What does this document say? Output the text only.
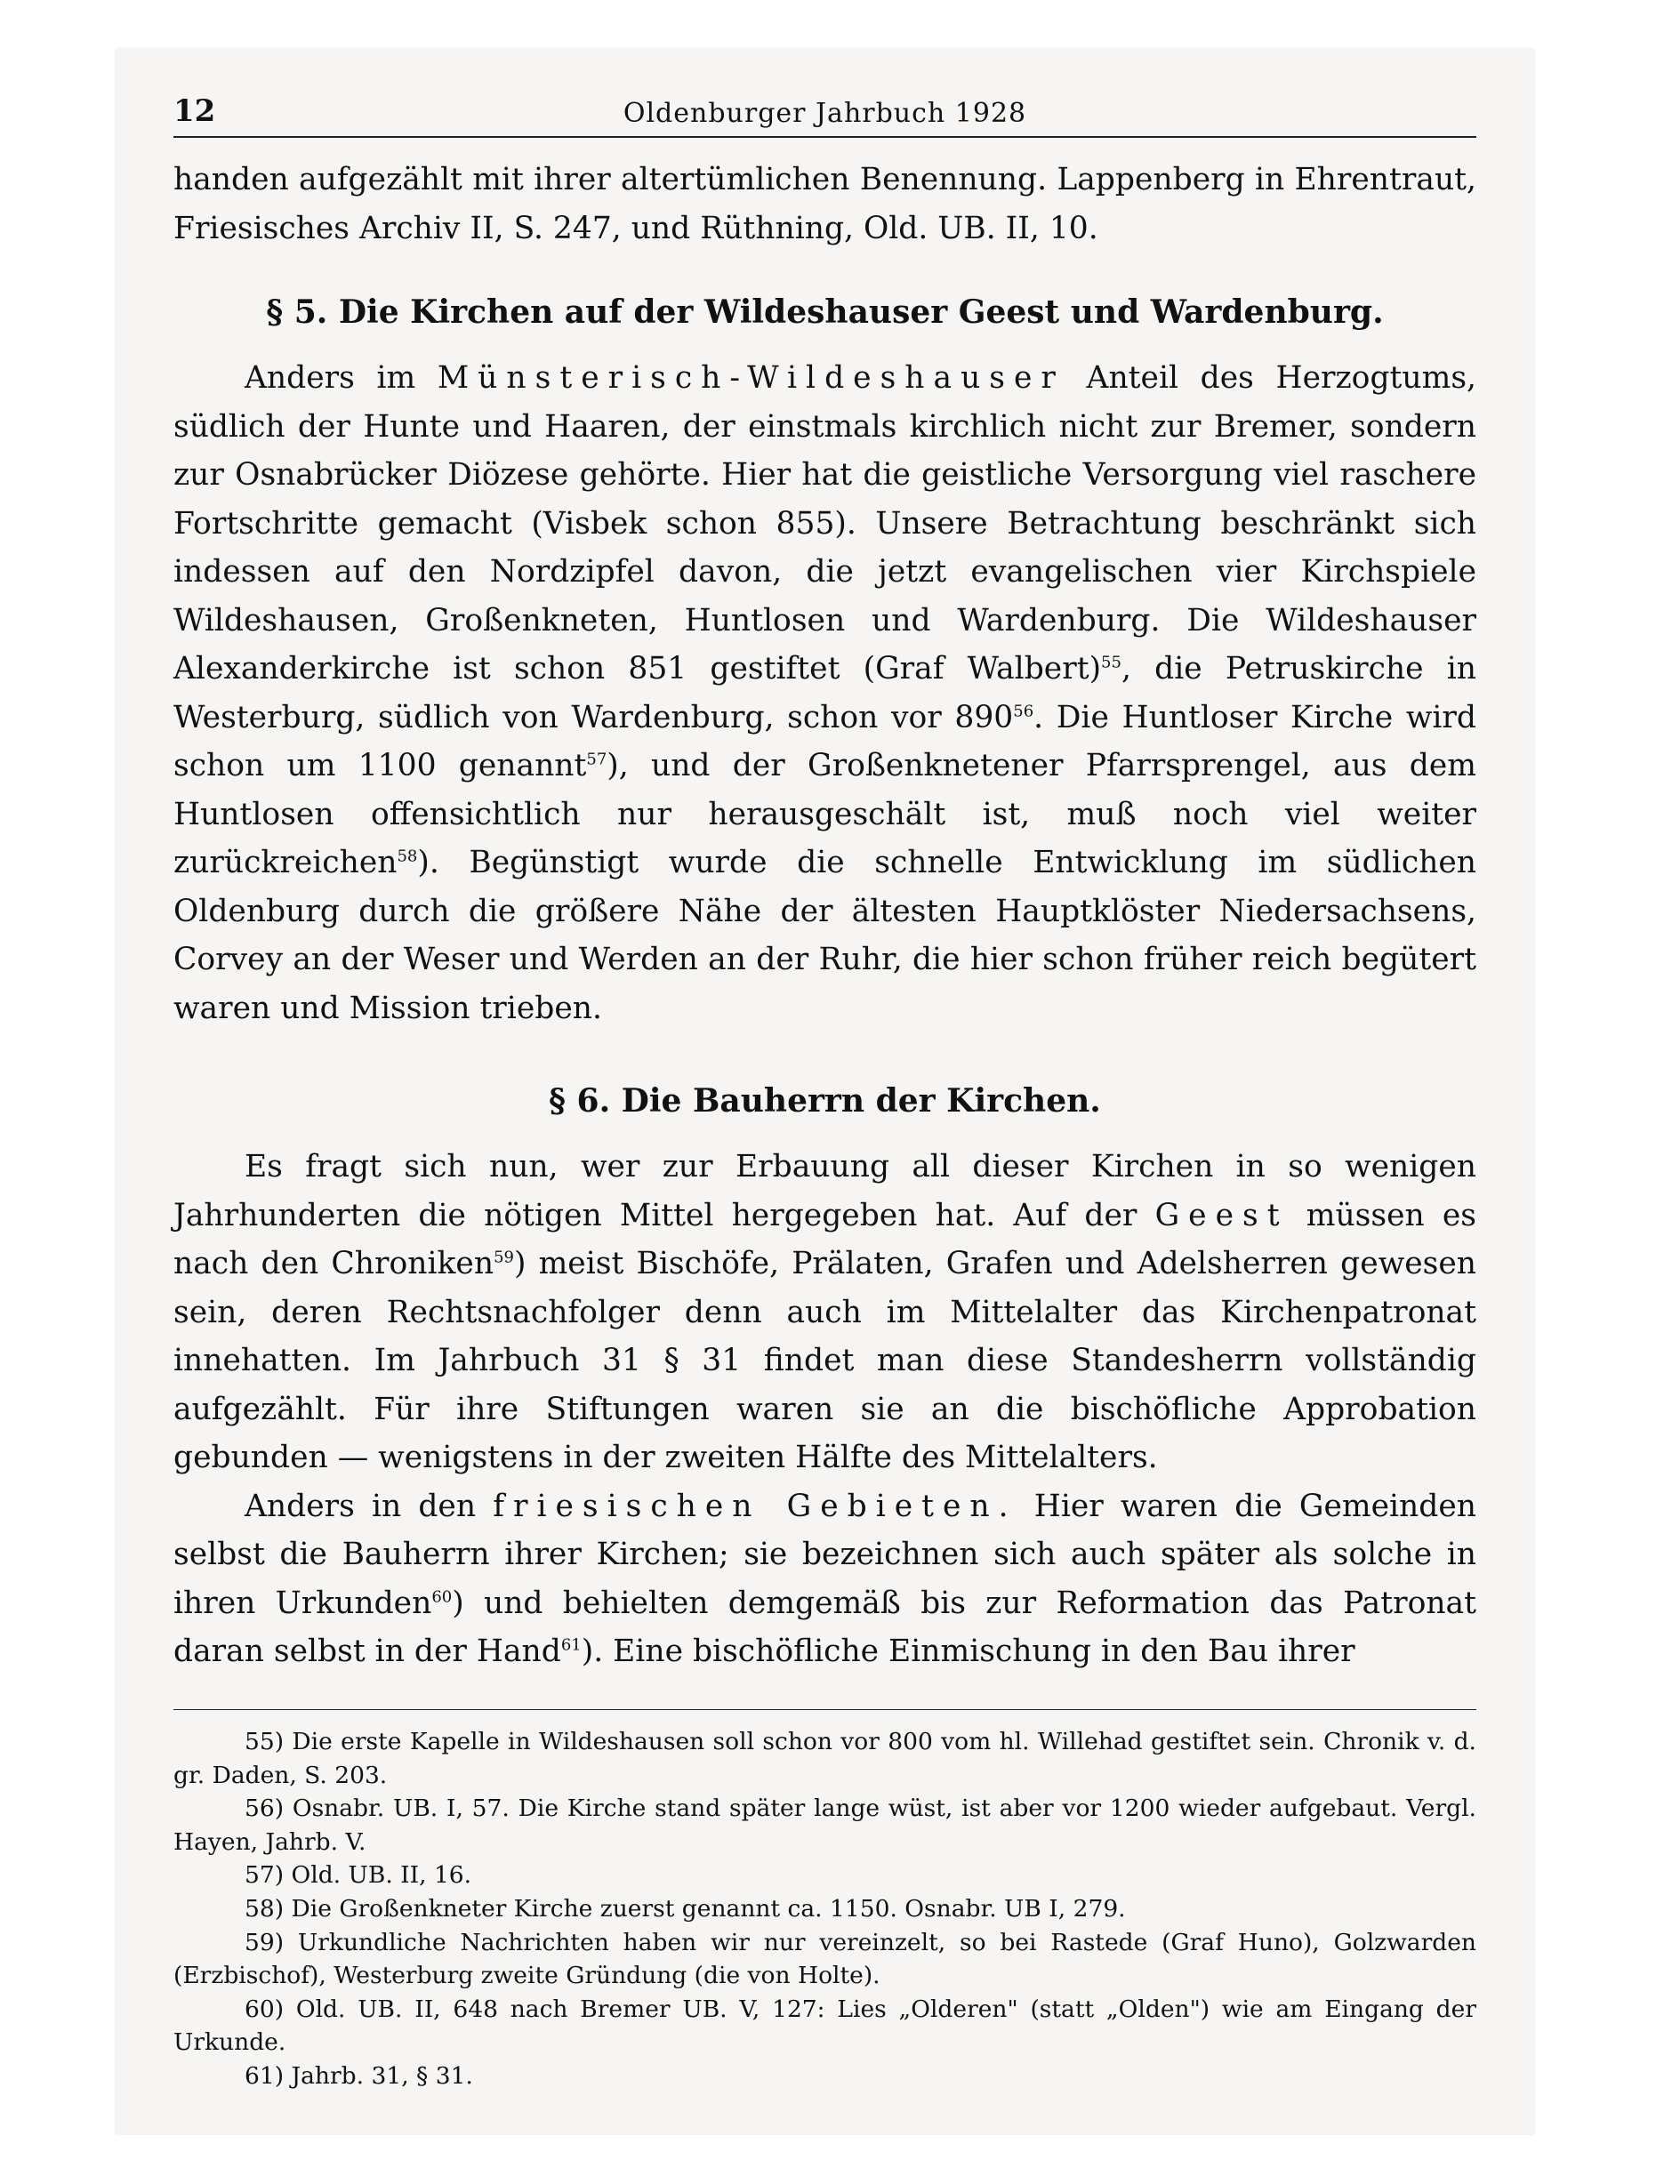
12	Oldenburger Jahrbuch 1928

handen aufgezählt mit ihrer altertümlichen Benennung. Lappenberg in Ehrentraut, Friesisches Archiv II, S. 247, und Rüthning, Old. UB. II, 10.

§ 5. Die Kirchen auf der Wildeshauser Geest und Wardenburg.

Anders im Münsterisch-Wildeshauser Anteil des Herzogtums, südlich der Hunte und Haaren, der einstmals kirchlich nicht zur Bremer, sondern zur Osnabrücker Diözese gehörte. Hier hat die geistliche Versorgung viel raschere Fortschritte gemacht (Visbek schon 855). Unsere Betrachtung beschränkt sich indessen auf den Nordzipfel davon, die jetzt evangelischen vier Kirchspiele Wildeshausen, Großenkneten, Huntlosen und Wardenburg. Die Wildeshauser Alexanderkirche ist schon 851 gestiftet (Graf Walbert)$^{55}$, die Petruskirche in Westerburg, südlich von Wardenburg, schon vor $890^{56}$. Die Huntloser Kirche wird schon um 1100 genannt$^{57}$), und der Großenknetener Pfarrsprengel, aus dem Huntlosen offensichtlich nur herausgeschält ist, muß noch viel weiter zurückreichen$^{58}$). Begünstigt wurde die schnelle Entwicklung im südlichen Oldenburg durch die größere Nähe der ältesten Hauptklöster Niedersachsens, Corvey an der Weser und Werden an der Ruhr, die hier schon früher reich begütert waren und Mission trieben.

§ 6. Die Bauherrn der Kirchen.

Es fragt sich nun, wer zur Erbauung all dieser Kirchen in so wenigen Jahrhunderten die nötigen Mittel hergegeben hat. Auf der Geest müssen es nach den Chroniken$^{59}$) meist Bischöfe, Prälaten, Grafen und Adelsherren gewesen sein, deren Rechtsnachfolger denn auch im Mittelalter das Kirchenpatronat innehatten. Im Jahrbuch 31 § 31 findet man diese Standesherrn vollständig aufgezählt. Für ihre Stiftungen waren sie an die bischöfliche Approbation gebunden — wenigstens in der zweiten Hälfte des Mittelalters.

Anders in den friesischen Gebieten. Hier waren die Gemeinden selbst die Bauherrn ihrer Kirchen; sie bezeichnen sich auch später als solche in ihren Urkunden$^{60}$) und behielten demgemäß bis zur Reformation das Patronat daran selbst in der Hand$^{61}$). Eine bischöfliche Einmischung in den Bau ihrer

55) Die erste Kapelle in Wildeshausen soll schon vor 800 vom hl. Willehad gestiftet sein. Chronik v. d. gr. Daden, S. 203.

56) Osnabr. UB. I, 57. Die Kirche stand später lange wüst, ist aber vor 1200 wieder aufgebaut. Vergl. Hayen, Jahrb. V.

57) Old. UB. II, 16.

58) Die Großenkneter Kirche zuerst genannt ca. 1150. Osnabr. UB I, 279.

59) Urkundliche Nachrichten haben wir nur vereinzelt, so bei Rastede (Graf Huno), Golzwarden (Erzbischof), Westerburg zweite Gründung (die von Holte).

60) Old. UB. II, 648 nach Bremer UB. V, 127: Lies „Olderen" (statt „Olden") wie am Eingang der Urkunde.

61) Jahrb. 31, § 31.
